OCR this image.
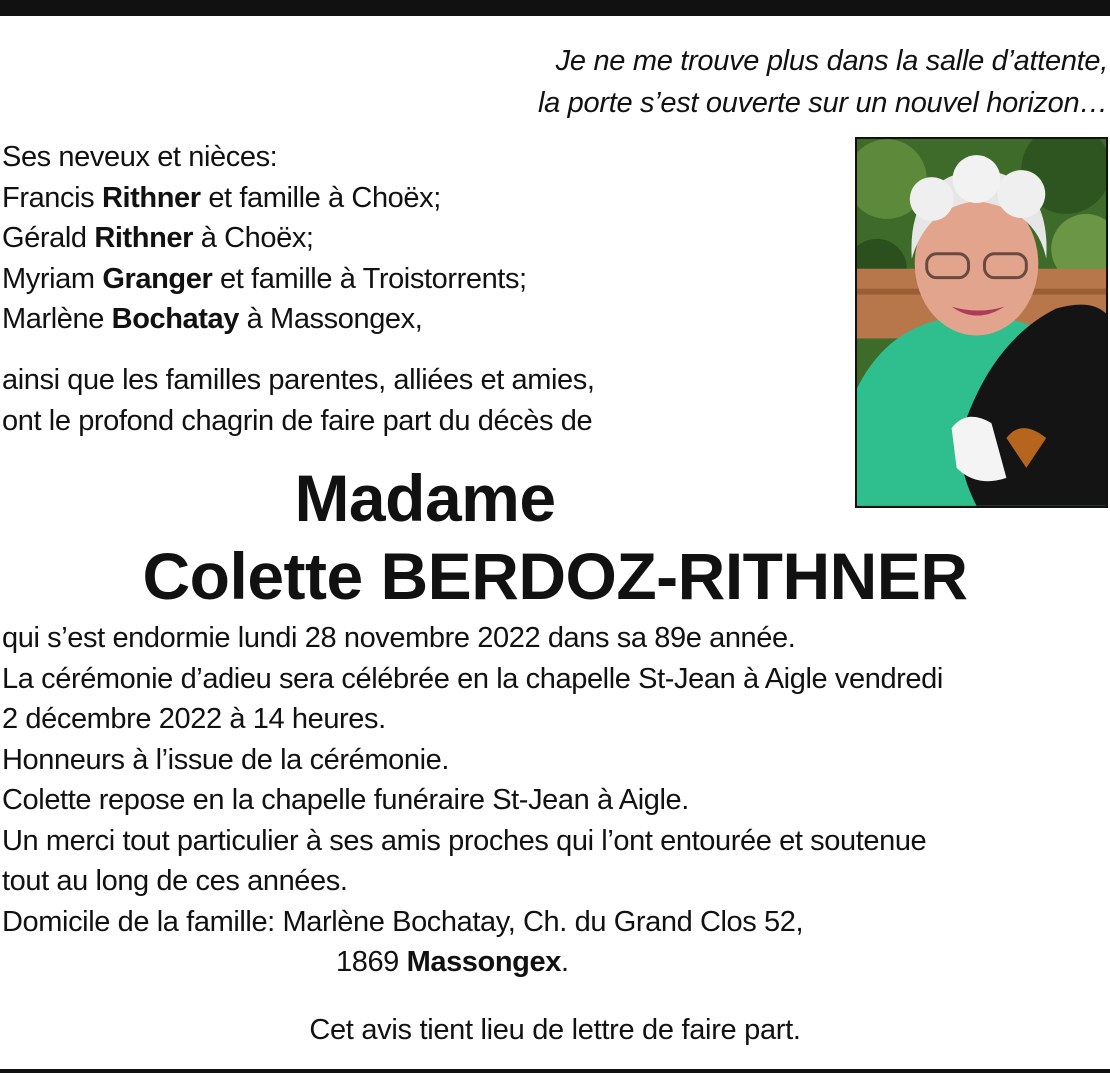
Je ne me trouve plus dans la salle d’attente,
la porte s’est ouverte sur un nouvel horizon…
Ses neveux et nièces:
Francis Rithner et famille à Choëx;
Gérald Rithner à Choëx;
Myriam Granger et famille à Troistorrents;
Marlène Bochatay à Massongex,
ainsi que les familles parentes, alliées et amies,
ont le profond chagrin de faire part du décès de
Madame
Colette BERDOZ-RITHNER
qui s’est endormie lundi 28 novembre 2022 dans sa 89e année.
La cérémonie d’adieu sera célébrée en la chapelle St-Jean à Aigle vendredi
2 décembre 2022 à 14 heures.
Honneurs à l’issue de la cérémonie.
Colette repose en la chapelle funéraire St-Jean à Aigle.
Un merci tout particulier à ses amis proches qui l’ont entourée et soutenue
tout au long de ces années.
Domicile de la famille: Marlène Bochatay, Ch. du Grand Clos 52,
1869 Massongex.
Cet avis tient lieu de lettre de faire part.
